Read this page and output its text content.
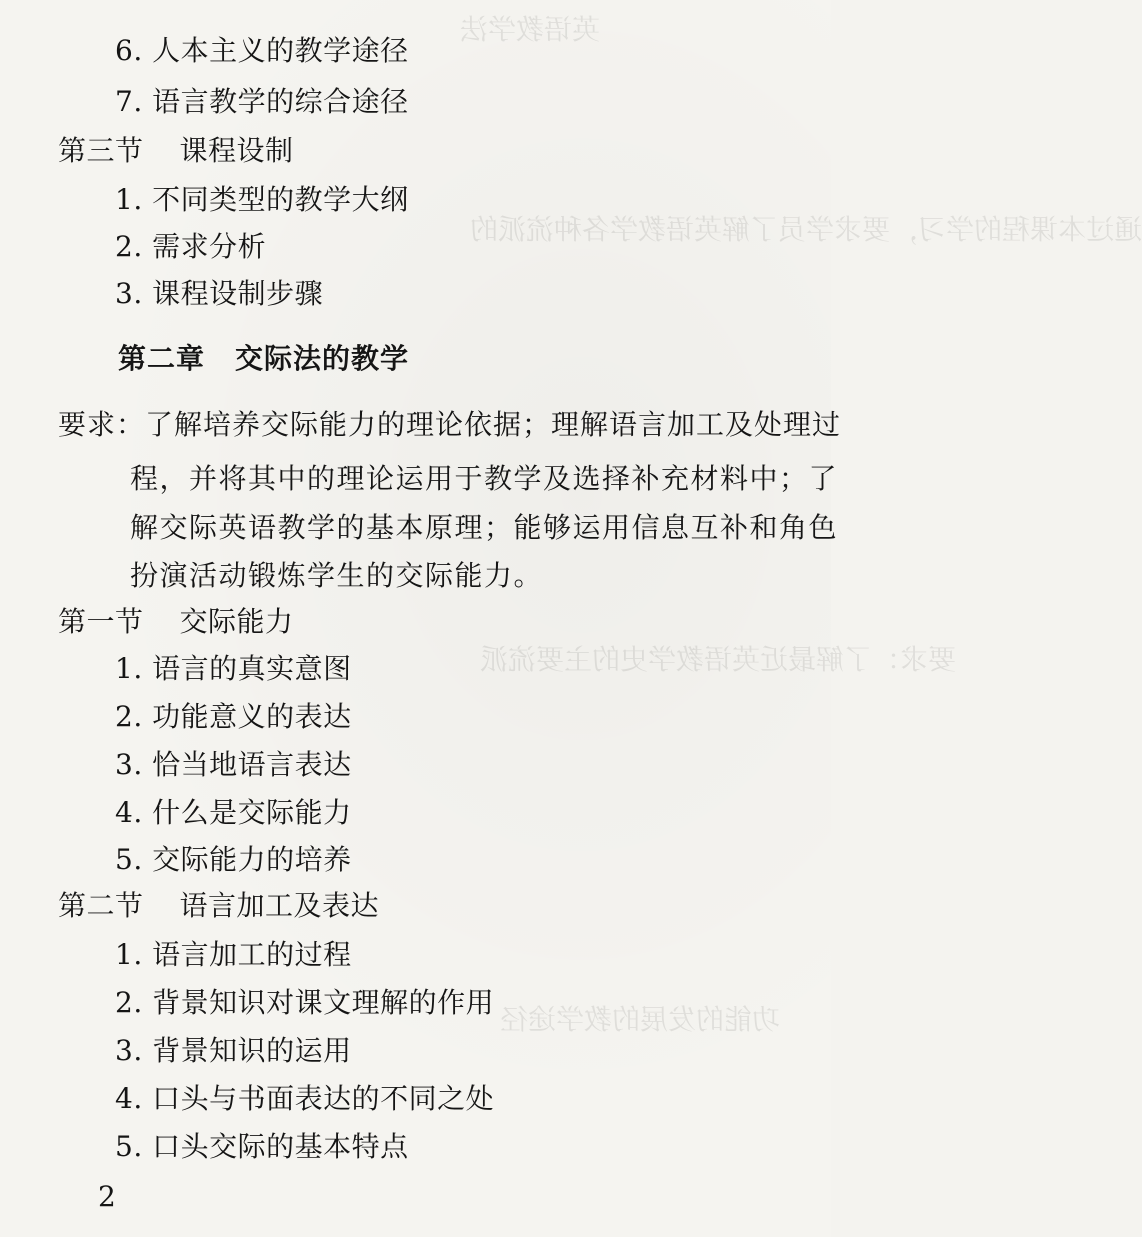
英语教学法
通过本课程的学习，要求学员了解英语教学各种流派的
要求：了解最近英语教学史的主要流派
功能的发展的教学途径
6. 人本主义的教学途径
7. 语言教学的综合途径
第三节 课程设制
1. 不同类型的教学大纲
2. 需求分析
3. 课程设制步骤
第二章 交际法的教学
要求：了解培养交际能力的理论依据；理解语言加工及处理过
程，并将其中的理论运用于教学及选择补充材料中；了
解交际英语教学的基本原理；能够运用信息互补和角色
扮演活动锻炼学生的交际能力。
第一节 交际能力
1. 语言的真实意图
2. 功能意义的表达
3. 恰当地语言表达
4. 什么是交际能力
5. 交际能力的培养
第二节 语言加工及表达
1. 语言加工的过程
2. 背景知识对课文理解的作用
3. 背景知识的运用
4. 口头与书面表达的不同之处
5. 口头交际的基本特点
2
